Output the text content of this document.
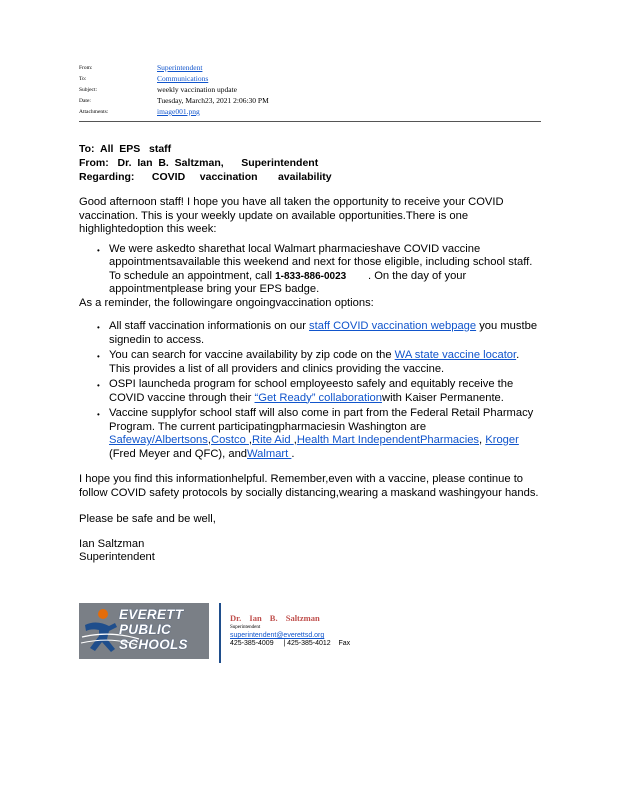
From:	Superintendent
To:	Communications
Subject:	weekly vaccination update
Date:	Tuesday, March23, 2021 2:06:30 PM
Attachments:	image001.png
To:  All  EPS   staff
From:   Dr.  Ian  B.  Saltzman,      Superintendent
Regarding:      COVID     vaccination       availability

Good afternoon staff! I hope you have all taken the opportunity to receive your COVID vaccination. This is your weekly update on available opportunities.There is one highlightedoption this week:

• We were askedto sharethat local Walmart pharmacieshave COVID vaccine appointmentsavailable this weekend and next for those eligible, including school staff. To schedule an appointment, call 1-833-886-0023       . On the day of your appointmentplease bring your EPS badge.

As a reminder, the followingare ongoingvaccination options:

• All staff vaccination informationis on our staff COVID vaccination webpage you mustbe signedin to access.
• You can search for vaccine availability by zip code on the WA state vaccine locator. This provides a list of all providers and clinics providing the vaccine.
• OSPI launcheda program for school employeesto safely and equitably receive the COVID vaccine through their “Get Ready” collaborationwith Kaiser Permanente.
• Vaccine supplyfor school staff will also come in part from the Federal Retail Pharmacy Program. The current participatingpharmaciesin Washington are Safeway/Albertsons,Costco ,Rite Aid ,Health Mart IndependentPharmacies, Kroger (Fred Meyer and QFC), andWalmart .

I hope you find this informationhelpful. Remember,even with a vaccine, please continue to follow COVID safety protocols by socially distancing,wearing a maskand washingyour hands.

Please be safe and be well,

Ian Saltzman

Superintendent

EVERETT PUBLIC SCHOOLS
Dr. Ian B. Saltzman
Superintendent
superintendent@everettsd.org
425-385-4009     | 425-385-4012    Fax
